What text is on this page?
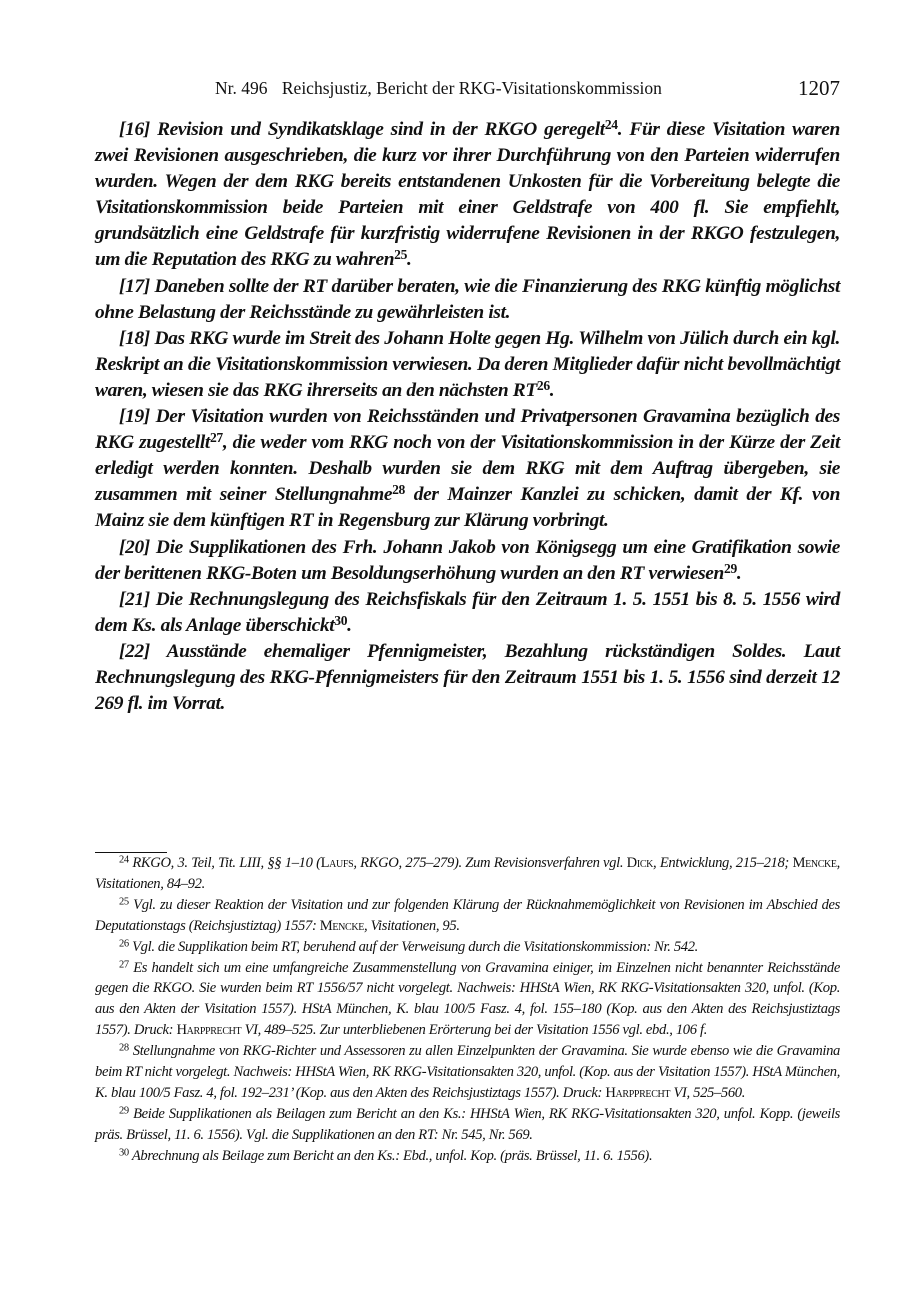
Nr. 496 Reichsjustiz, Bericht der RKG-Visitationskommission	1207

[16] Revision und Syndikatsklage sind in der RKGO geregelt$^{24}$. Für diese Visitation waren zwei Revisionen ausgeschrieben, die kurz vor ihrer Durchführung von den Parteien widerrufen wurden. Wegen der dem RKG bereits entstandenen Unkosten für die Vorbereitung belegte die Visitationskommission beide Parteien mit einer Geldstrafe von 400 fl. Sie empfiehlt, grundsätzlich eine Geldstrafe für kurzfristig widerrufene Revisionen in der RKGO festzulegen, um die Reputation des RKG zu wahren$^{25}$.

[17] Daneben sollte der RT darüber beraten, wie die Finanzierung des RKG künftig möglichst ohne Belastung der Reichsstände zu gewährleisten ist.

[18] Das RKG wurde im Streit des Johann Holte gegen Hg. Wilhelm von Jülich durch ein kgl. Reskript an die Visitationskommission verwiesen. Da deren Mitglieder dafür nicht bevollmächtigt waren, wiesen sie das RKG ihrerseits an den nächsten RT$^{26}$.

[19] Der Visitation wurden von Reichsständen und Privatpersonen Gravamina bezüglich des RKG zugestellt$^{27}$, die weder vom RKG noch von der Visitationskommission in der Kürze der Zeit erledigt werden konnten. Deshalb wurden sie dem RKG mit dem Auftrag übergeben, sie zusammen mit seiner Stellungnahme$^{28}$ der Mainzer Kanzlei zu schicken, damit der Kf. von Mainz sie dem künftigen RT in Regensburg zur Klärung vorbringt.

[20] Die Supplikationen des Frh. Johann Jakob von Königsegg um eine Gratifikation sowie der berittenen RKG-Boten um Besoldungserhöhung wurden an den RT verwiesen$^{29}$.

[21] Die Rechnungslegung des Reichsfiskals für den Zeitraum 1. 5. 1551 bis 8. 5. 1556 wird dem Ks. als Anlage überschickt$^{30}$.

[22] Ausstände ehemaliger Pfennigmeister, Bezahlung rückständigen Soldes. Laut Rechnungslegung des RKG-Pfennigmeisters für den Zeitraum 1551 bis 1. 5. 1556 sind derzeit 12 269 fl. im Vorrat.

$^{24}$ RKGO, 3. Teil, Tit. LIII, §§ 1–10 (Laufs, RKGO, 275–279). Zum Revisionsverfahren vgl. Dick, Entwicklung, 215–218; Mencke, Visitationen, 84–92.

$^{25}$ Vgl. zu dieser Reaktion der Visitation und zur folgenden Klärung der Rücknahmemöglichkeit von Revisionen im Abschied des Deputationstags (Reichsjustiztag) 1557: Mencke, Visitationen, 95.

$^{26}$ Vgl. die Supplikation beim RT, beruhend auf der Verweisung durch die Visitationskommission: Nr. 542.

$^{27}$ Es handelt sich um eine umfangreiche Zusammenstellung von Gravamina einiger, im Einzelnen nicht benannter Reichsstände gegen die RKGO. Sie wurden beim RT 1556/57 nicht vorgelegt. Nachweis: HHStA Wien, RK RKG-Visitationsakten 320, unfol. (Kop. aus den Akten der Visitation 1557). HStA München, K. blau 100/5 Fasz. 4, fol. 155–180 (Kop. aus den Akten des Reichsjustiztags 1557). Druck: Harpprecht VI, 489–525. Zur unterbliebenen Erörterung bei der Visitation 1556 vgl. ebd., 106 f.

$^{28}$ Stellungnahme von RKG-Richter und Assessoren zu allen Einzelpunkten der Gravamina. Sie wurde ebenso wie die Gravamina beim RT nicht vorgelegt. Nachweis: HHStA Wien, RK RKG-Visitationsakten 320, unfol. (Kop. aus der Visitation 1557). HStA München, K. blau 100/5 Fasz. 4, fol. 192–231’ (Kop. aus den Akten des Reichsjustiztags 1557). Druck: Harpprecht VI, 525–560.

$^{29}$ Beide Supplikationen als Beilagen zum Bericht an den Ks.: HHStA Wien, RK RKG-Visitationsakten 320, unfol. Kopp. (jeweils präs. Brüssel, 11. 6. 1556). Vgl. die Supplikationen an den RT: Nr. 545, Nr. 569.

$^{30}$ Abrechnung als Beilage zum Bericht an den Ks.: Ebd., unfol. Kop. (präs. Brüssel, 11. 6. 1556).
